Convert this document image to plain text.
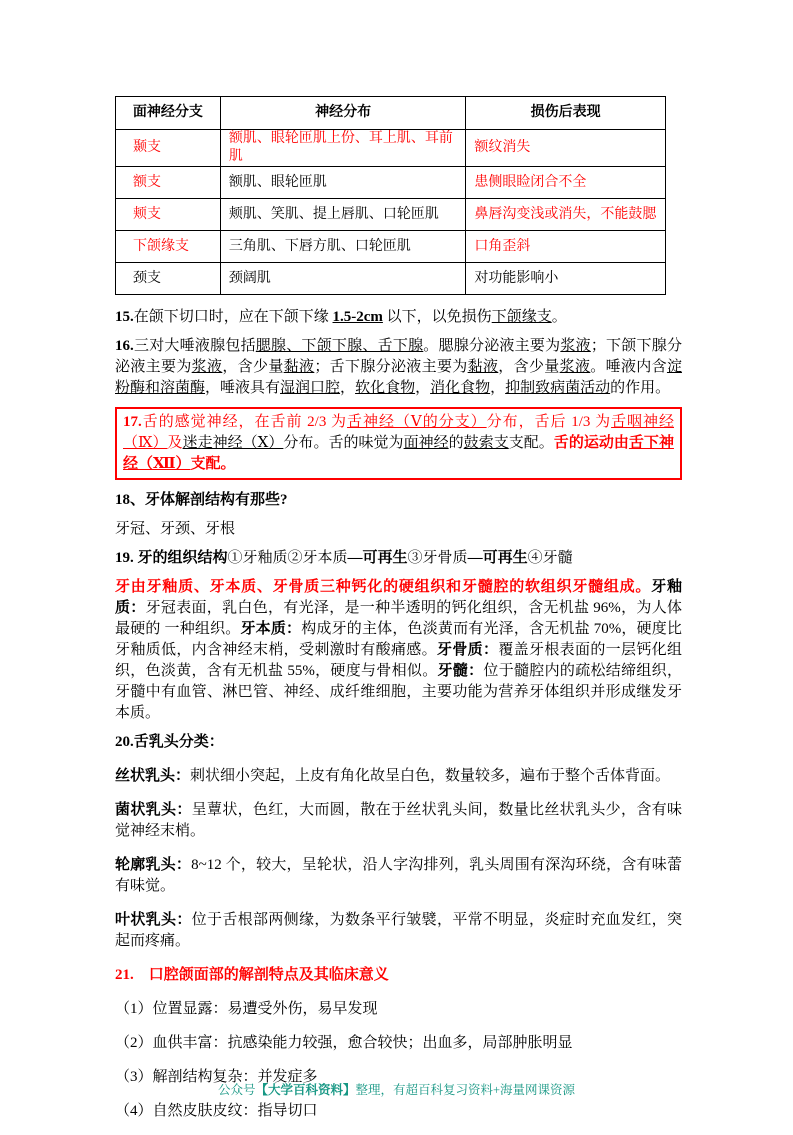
面神经分支	神经分布	损伤后表现
颞支	额肌、眼轮匝肌上份、耳上肌、耳前肌	额纹消失
额支	额肌、眼轮匝肌	患侧眼睑闭合不全
颊支	颊肌、笑肌、提上唇肌、口轮匝肌	鼻唇沟变浅或消失，不能鼓腮
下颌缘支	三角肌、下唇方肌、口轮匝肌	口角歪斜
颈支	颈阔肌	对功能影响小

15.在颌下切口时，应在下颌下缘 1.5-2cm 以下，以免损伤下颌缘支。

16.三对大唾液腺包括腮腺、下颌下腺、舌下腺。腮腺分泌液主要为浆液；下颌下腺分泌液主要为浆液，含少量黏液；舌下腺分泌液主要为黏液，含少量浆液。唾液内含淀粉酶和溶菌酶，唾液具有湿润口腔，软化食物，消化食物，抑制致病菌活动的作用。

17.舌的感觉神经，在舌前 2/3 为舌神经（Ⅴ的分支）分布，舌后 1/3 为舌咽神经（Ⅸ）及迷走神经（Ⅹ）分布。舌的味觉为面神经的鼓索支支配。舌的运动由舌下神经（Ⅻ）支配。

18、牙体解剖结构有那些?

牙冠、牙颈、牙根

19. 牙的组织结构①牙釉质②牙本质—可再生③牙骨质—可再生④牙髓

牙由牙釉质、牙本质、牙骨质三种钙化的硬组织和牙髓腔的软组织牙髓组成。牙釉质：牙冠表面，乳白色，有光泽，是一种半透明的钙化组织，含无机盐 96%，为人体最硬的 一种组织。牙本质：构成牙的主体，色淡黄而有光泽，含无机盐 70%，硬度比牙釉质低，内含神经末梢，受刺激时有酸痛感。牙骨质：覆盖牙根表面的一层钙化组织，色淡黄，含有无机盐 55%，硬度与骨相似。牙髓：位于髓腔内的疏松结缔组织，牙髓中有血管、淋巴管、神经、成纤维细胞，主要功能为营养牙体组织并形成继发牙本质。

20.舌乳头分类：

丝状乳头：刺状细小突起，上皮有角化故呈白色，数量较多，遍布于整个舌体背面。

菌状乳头：呈蕈状，色红，大而圆，散在于丝状乳头间，数量比丝状乳头少，含有味觉神经末梢。

轮廓乳头：8~12 个，较大，呈轮状，沿人字沟排列，乳头周围有深沟环绕，含有味蕾有味觉。

叶状乳头：位于舌根部两侧缘，为数条平行皱襞，平常不明显，炎症时充血发红，突起而疼痛。

21.　 口腔颌面部的解剖特点及其临床意义

（1）位置显露：易遭受外伤，易早发现

（2）血供丰富：抗感染能力较强，愈合较快；出血多，局部肿胀明显

（3）解剖结构复杂：并发症多

（4）自然皮肤皮纹：指导切口

公众号【大学百科资料】整理，有超百科复习资料+海量网课资源
